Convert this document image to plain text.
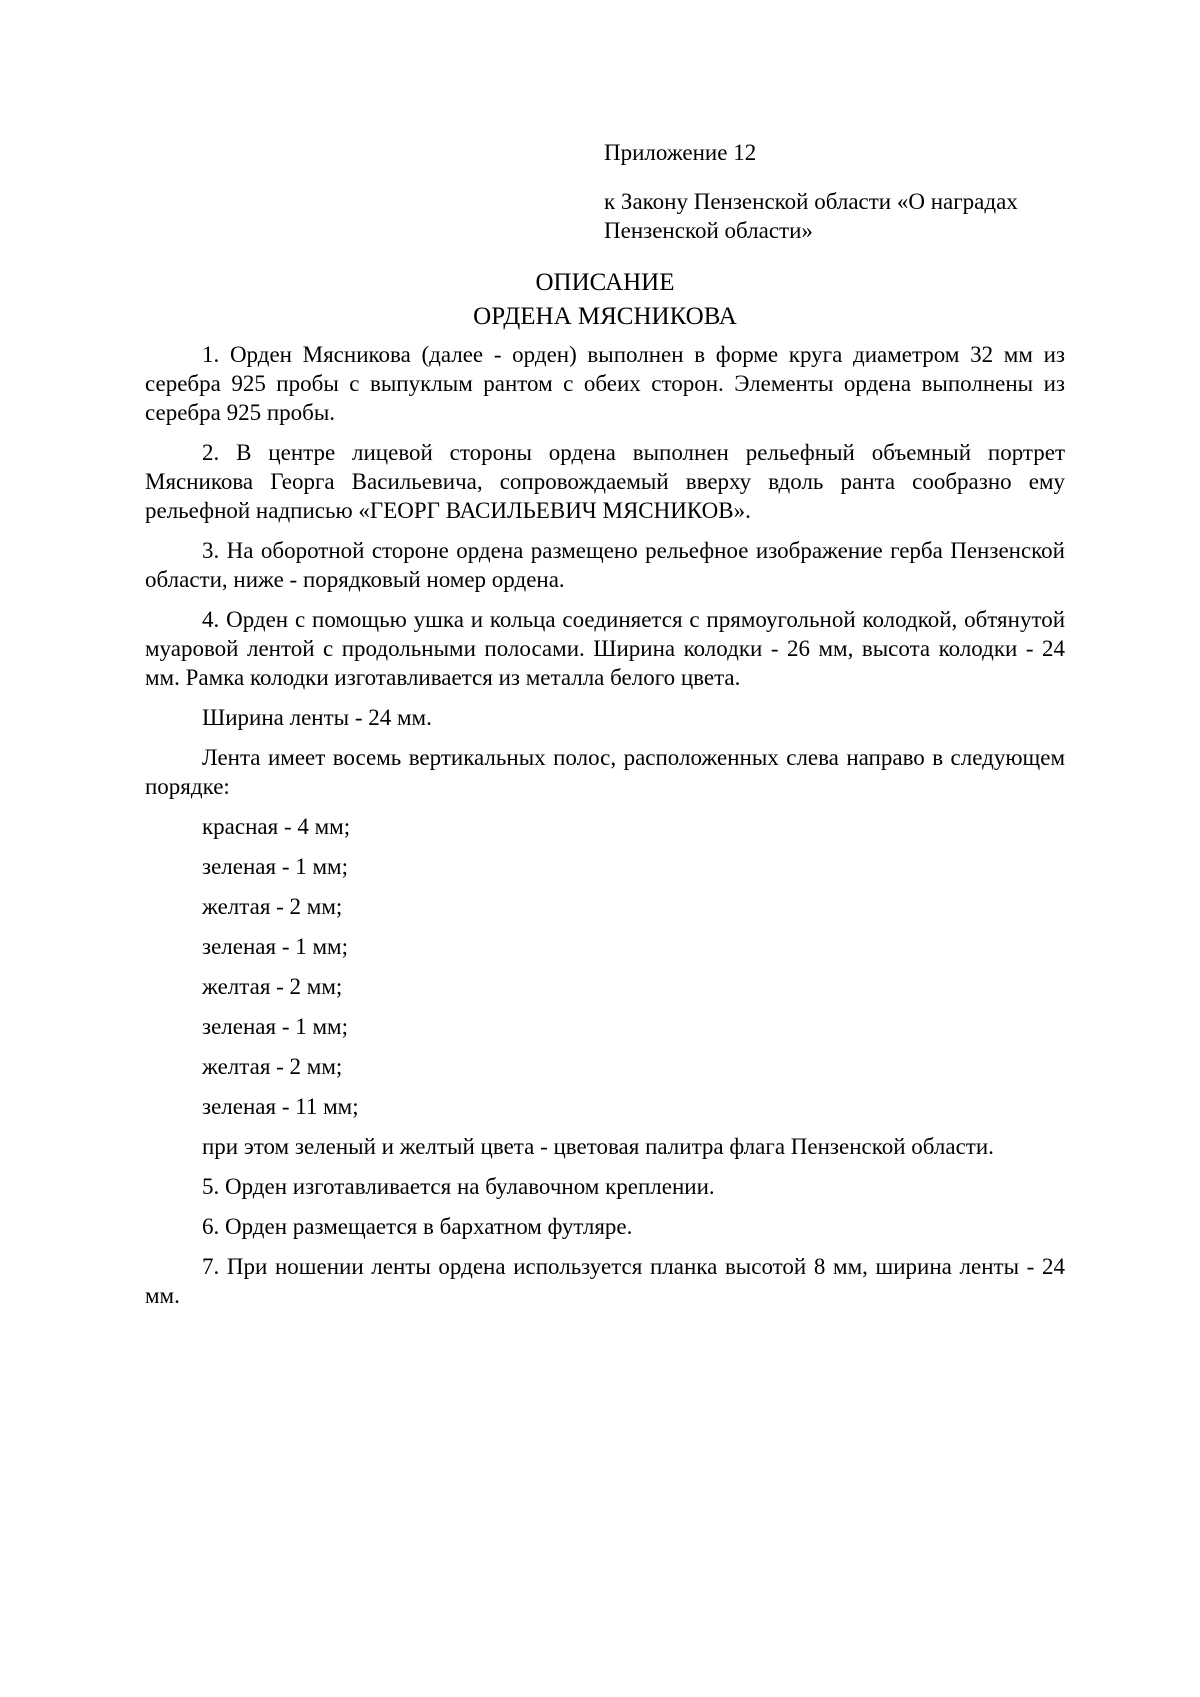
Приложение 12

к Закону Пензенской области «О наградах
Пензенской области»

ОПИСАНИЕ
ОРДЕНА МЯСНИКОВА

1. Орден Мясникова (далее - орден) выполнен в форме круга диаметром 32 мм из серебра 925 пробы с выпуклым рантом с обеих сторон. Элементы ордена выполнены из серебра 925 пробы.

2. В центре лицевой стороны ордена выполнен рельефный объемный портрет Мясникова Георга Васильевича, сопровождаемый вверху вдоль ранта сообразно ему рельефной надписью «ГЕОРГ ВАСИЛЬЕВИЧ МЯСНИКОВ».

3. На оборотной стороне ордена размещено рельефное изображение герба Пензенской области, ниже - порядковый номер ордена.

4. Орден с помощью ушка и кольца соединяется с прямоугольной колодкой, обтянутой муаровой лентой с продольными полосами. Ширина колодки - 26 мм, высота колодки - 24 мм. Рамка колодки изготавливается из металла белого цвета.

Ширина ленты - 24 мм.

Лента имеет восемь вертикальных полос, расположенных слева направо в следующем порядке:

красная - 4 мм;
зеленая - 1 мм;
желтая - 2 мм;
зеленая - 1 мм;
желтая - 2 мм;
зеленая - 1 мм;
желтая - 2 мм;
зеленая - 11 мм;

при этом зеленый и желтый цвета - цветовая палитра флага Пензенской области.

5. Орден изготавливается на булавочном креплении.

6. Орден размещается в бархатном футляре.

7. При ношении ленты ордена используется планка высотой 8 мм, ширина ленты - 24 мм.
